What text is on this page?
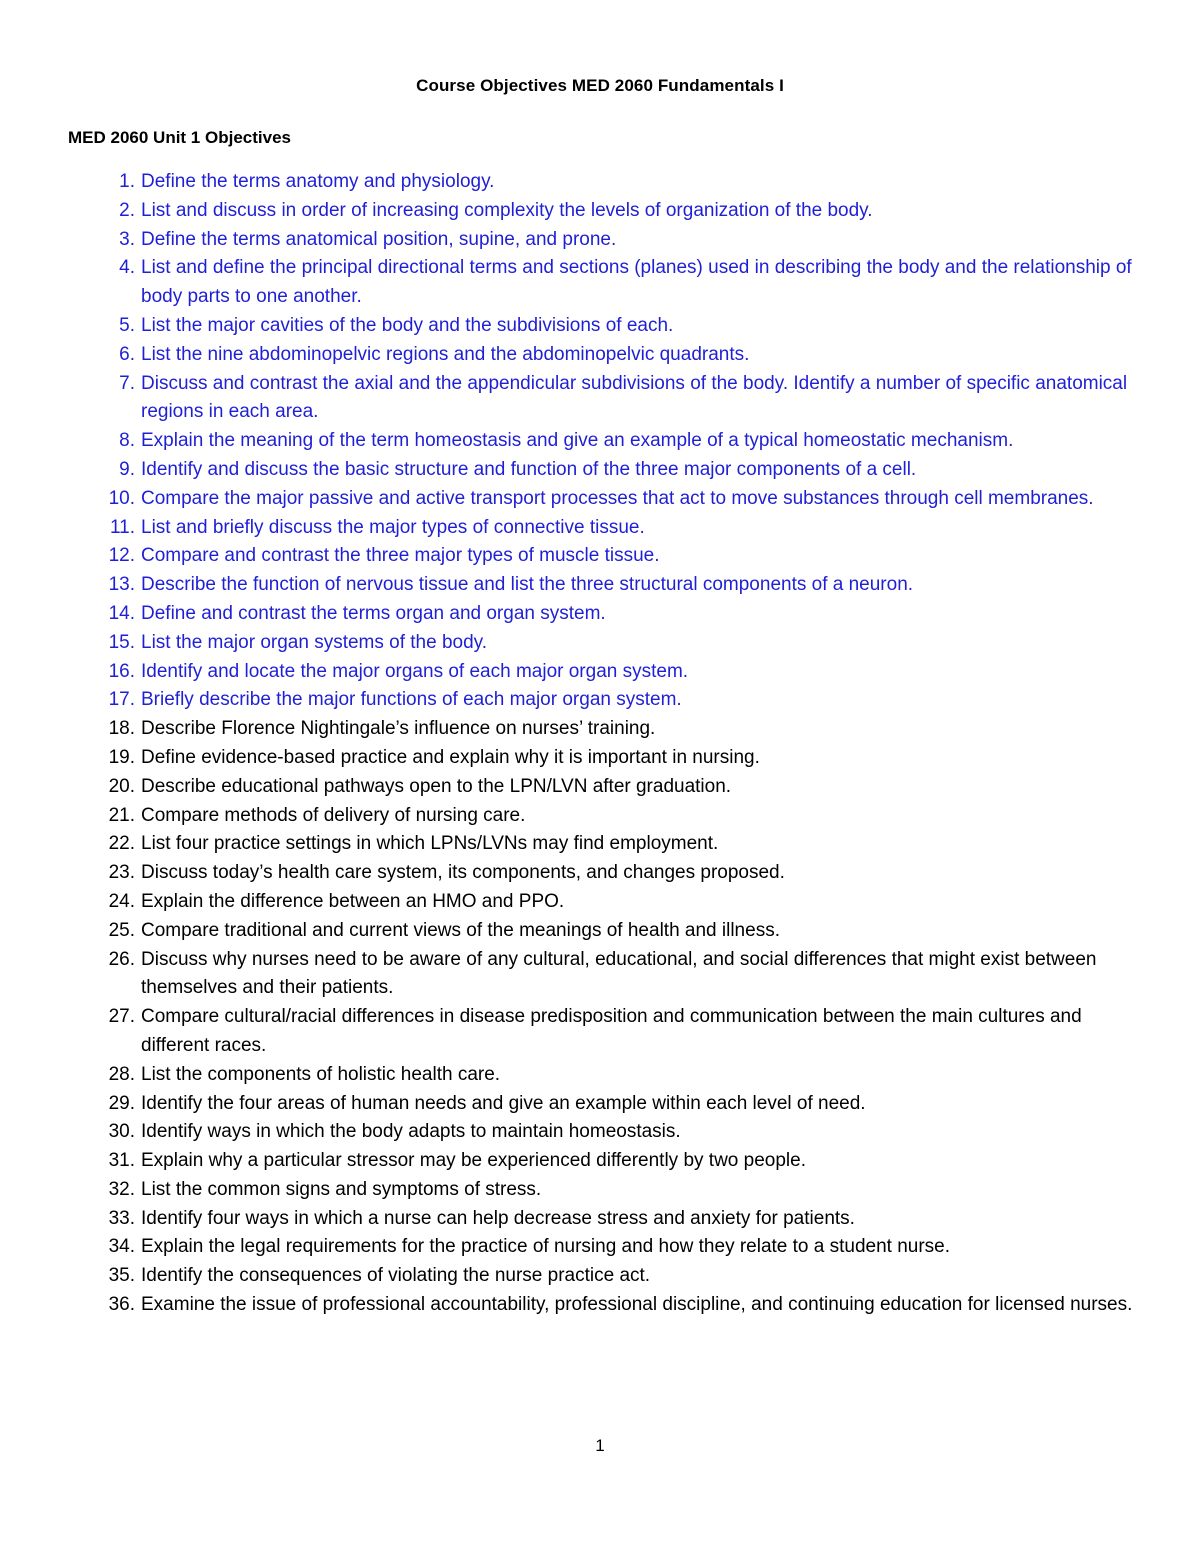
Course Objectives MED 2060 Fundamentals I
MED 2060 Unit 1 Objectives
1. Define the terms anatomy and physiology.
2. List and discuss in order of increasing complexity the levels of organization of the body.
3. Define the terms anatomical position, supine, and prone.
4. List and define the principal directional terms and sections (planes) used in describing the body and the relationship of body parts to one another.
5. List the major cavities of the body and the subdivisions of each.
6. List the nine abdominopelvic regions and the abdominopelvic quadrants.
7. Discuss and contrast the axial and the appendicular subdivisions of the body. Identify a number of specific anatomical regions in each area.
8. Explain the meaning of the term homeostasis and give an example of a typical homeostatic mechanism.
9. Identify and discuss the basic structure and function of the three major components of a cell.
10. Compare the major passive and active transport processes that act to move substances through cell membranes.
11. List and briefly discuss the major types of connective tissue.
12. Compare and contrast the three major types of muscle tissue.
13. Describe the function of nervous tissue and list the three structural components of a neuron.
14. Define and contrast the terms organ and organ system.
15. List the major organ systems of the body.
16. Identify and locate the major organs of each major organ system.
17. Briefly describe the major functions of each major organ system.
18. Describe Florence Nightingale’s influence on nurses’ training.
19. Define evidence-based practice and explain why it is important in nursing.
20. Describe educational pathways open to the LPN/LVN after graduation.
21. Compare methods of delivery of nursing care.
22. List four practice settings in which LPNs/LVNs may find employment.
23. Discuss today’s health care system, its components, and changes proposed.
24. Explain the difference between an HMO and PPO.
25. Compare traditional and current views of the meanings of health and illness.
26. Discuss why nurses need to be aware of any cultural, educational, and social differences that might exist between themselves and their patients.
27. Compare cultural/racial differences in disease predisposition and communication between the main cultures and different races.
28. List the components of holistic health care.
29. Identify the four areas of human needs and give an example within each level of need.
30. Identify ways in which the body adapts to maintain homeostasis.
31. Explain why a particular stressor may be experienced differently by two people.
32. List the common signs and symptoms of stress.
33. Identify four ways in which a nurse can help decrease stress and anxiety for patients.
34. Explain the legal requirements for the practice of nursing and how they relate to a student nurse.
35. Identify the consequences of violating the nurse practice act.
36. Examine the issue of professional accountability, professional discipline, and continuing education for licensed nurses.
1
